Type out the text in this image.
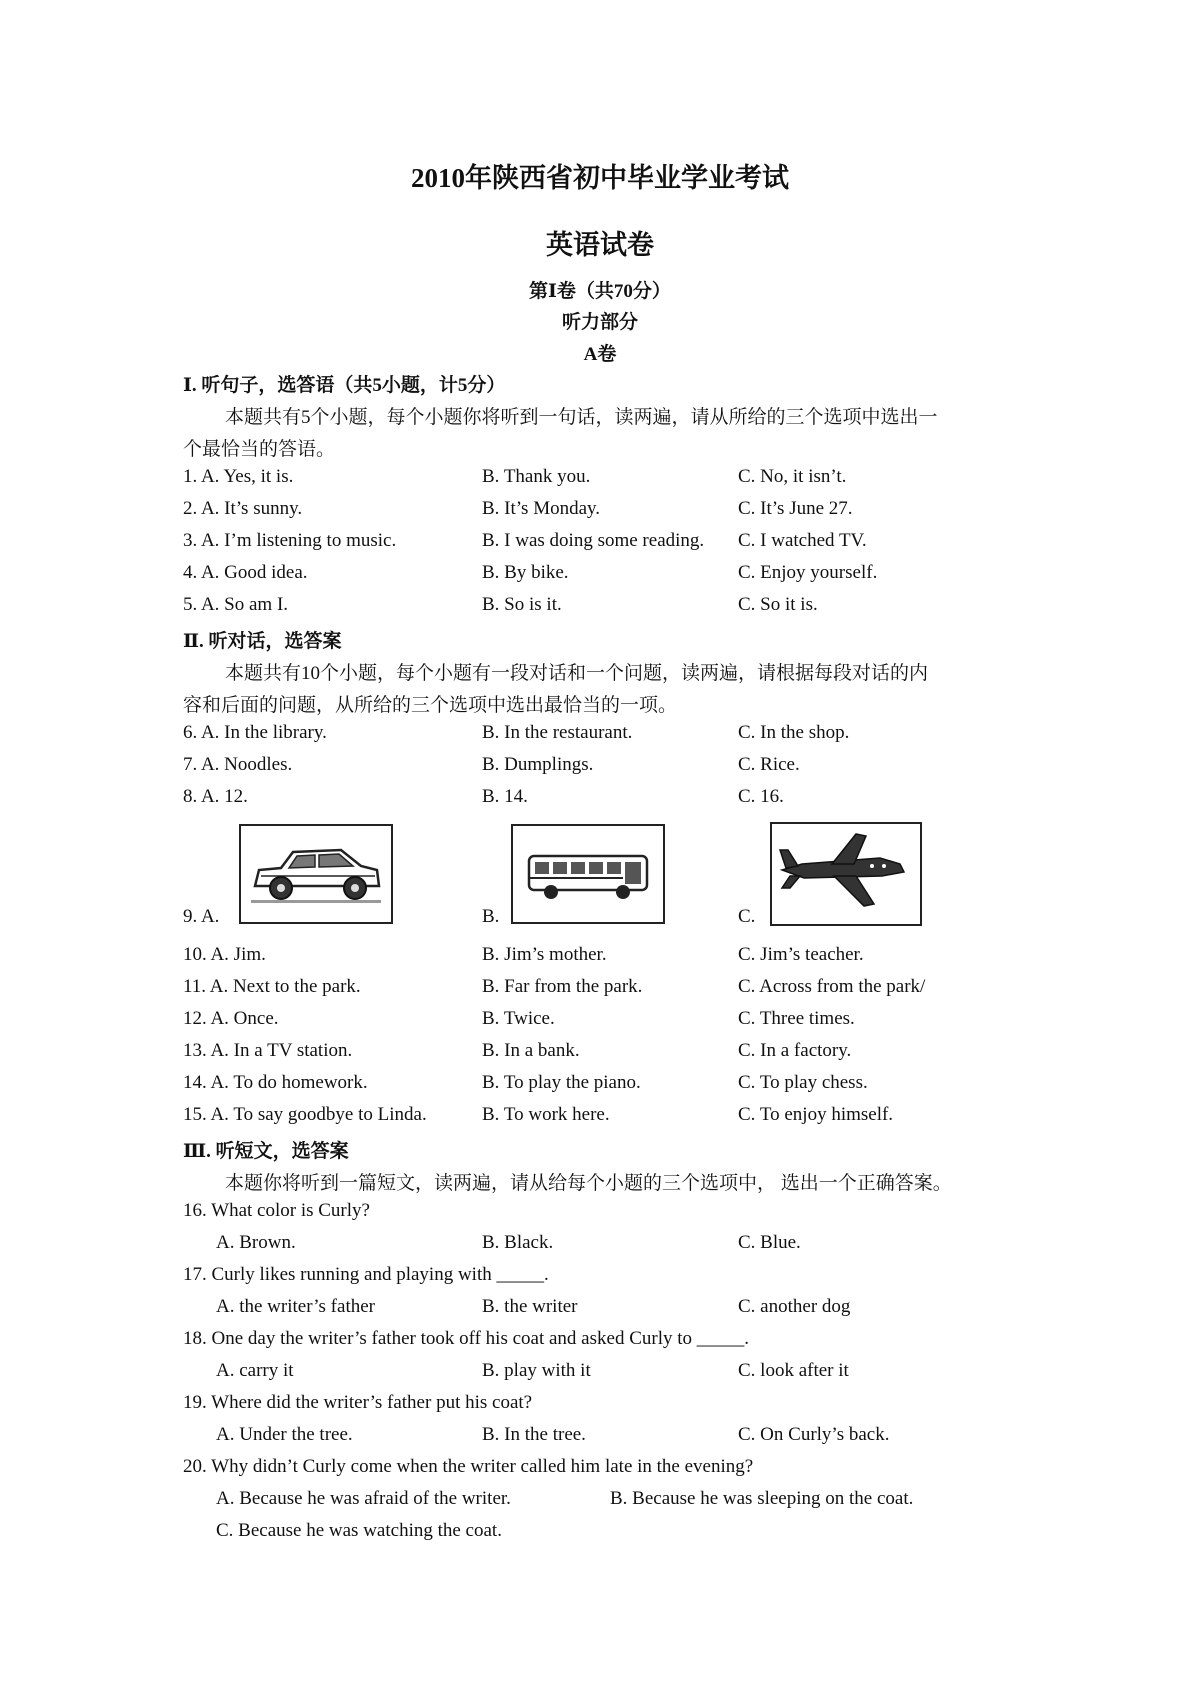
2010年陕西省初中毕业学业考试
英语试卷
第Ⅰ卷（共70分）
听力部分
A卷
Ⅰ. 听句子，选答语（共5小题，计5分）
本题共有5个小题，每个小题你将听到一句话，读两遍，请从所给的三个选项中选出一
个最恰当的答语。
1. A. Yes, it is.	B. Thank you.	C. No, it isn’t.
2. A. It’s sunny.	B. It’s Monday.	C. It’s June 27.
3. A. I’m listening to music.	B. I was doing some reading. C. I watched TV.
4. A. Good idea.	B. By bike.	C. Enjoy yourself.
5. A. So am I.	B. So is it.	C. So it is.
Ⅱ. 听对话，选答案
本题共有10个小题，每个小题有一段对话和一个问题，读两遍，请根据每段对话的内
容和后面的问题，从所给的三个选项中选出最恰当的一项。
6. A. In the library.	B. In the restaurant.	C. In the shop.
7. A. Noodles.	B. Dumplings.	C. Rice.
8. A. 12.	B. 14.	C. 16.
9. A.	B.	C.
10. A. Jim.	B. Jim’s mother.	C. Jim’s teacher.
11. A. Next to the park.	B. Far from the park.	C. Across from the park/
12. A. Once.	B. Twice.	C. Three times.
13. A. In a TV station.	B. In a bank.	C. In a factory.
14. A. To do homework.	B. To play the piano.	C. To play chess.
15. A. To say goodbye to Linda.	B. To work here.	C. To enjoy himself.
Ⅲ. 听短文，选答案
本题你将听到一篇短文，读两遍，请从给每个小题的三个选项中， 选出一个正确答案。
16. What color is Curly?
A. Brown.	B. Black.	C. Blue.
17. Curly likes running and playing with _____.
A. the writer’s father	B. the writer	C. another dog
18. One day the writer’s father took off his coat and asked Curly to _____.
A. carry it	B. play with it	C. look after it
19. Where did the writer’s father put his coat?
A. Under the tree.	B. In the tree.	C. On Curly’s back.
20. Why didn’t Curly come when the writer called him late in the evening?
A. Because he was afraid of the writer.	B. Because he was sleeping on the coat.
C. Because he was watching the coat.
